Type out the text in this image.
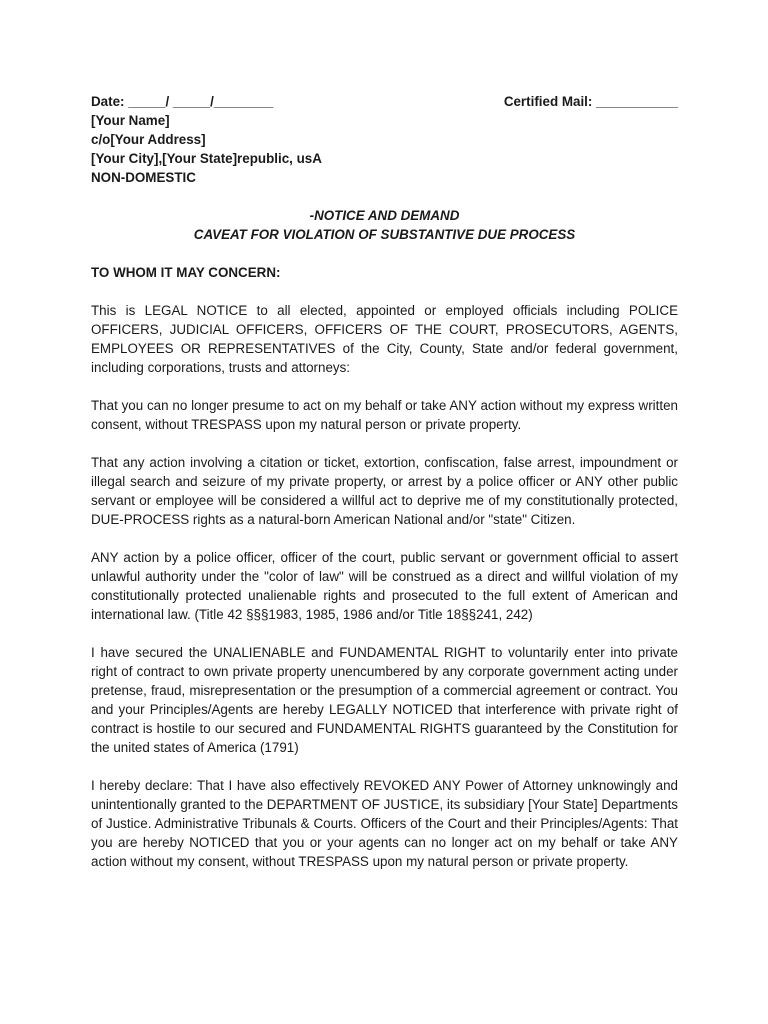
Date: _____/ _____/________	Certified Mail: ___________
[Your Name]
c/o[Your Address]
[Your City],[Your State]republic, usA
NON-DOMESTIC
-NOTICE AND DEMAND
CAVEAT FOR VIOLATION OF SUBSTANTIVE DUE PROCESS
TO WHOM IT MAY CONCERN:

This is LEGAL NOTICE to all elected, appointed or employed officials including POLICE OFFICERS, JUDICIAL OFFICERS, OFFICERS OF THE COURT, PROSECUTORS, AGENTS, EMPLOYEES OR REPRESENTATIVES of the City, County, State and/or federal government, including corporations, trusts and attorneys:

That you can no longer presume to act on my behalf or take ANY action without my express written consent, without TRESPASS upon my natural person or private property.

That any action involving a citation or ticket, extortion, confiscation, false arrest, impoundment or illegal search and seizure of my private property, or arrest by a police officer or ANY other public servant or employee will be considered a willful act to deprive me of my constitutionally protected, DUE-PROCESS rights as a natural-born American National and/or "state" Citizen.

ANY action by a police officer, officer of the court, public servant or government official to assert unlawful authority under the "color of law" will be construed as a direct and willful violation of my constitutionally protected unalienable rights and prosecuted to the full extent of American and international law. (Title 42 §§§1983, 1985, 1986 and/or Title 18§§241, 242)

I have secured the UNALIENABLE and FUNDAMENTAL RIGHT to voluntarily enter into private right of contract to own private property unencumbered by any corporate government acting under pretense, fraud, misrepresentation or the presumption of a commercial agreement or contract. You and your Principles/Agents are hereby LEGALLY NOTICED that interference with private right of contract is hostile to our secured and FUNDAMENTAL RIGHTS guaranteed by the Constitution for the united states of America (1791)

I hereby declare: That I have also effectively REVOKED ANY Power of Attorney unknowingly and unintentionally granted to the DEPARTMENT OF JUSTICE, its subsidiary [Your State] Departments of Justice. Administrative Tribunals & Courts. Officers of the Court and their Principles/Agents: That you are hereby NOTICED that you or your agents can no longer act on my behalf or take ANY action without my consent, without TRESPASS upon my natural person or private property.
